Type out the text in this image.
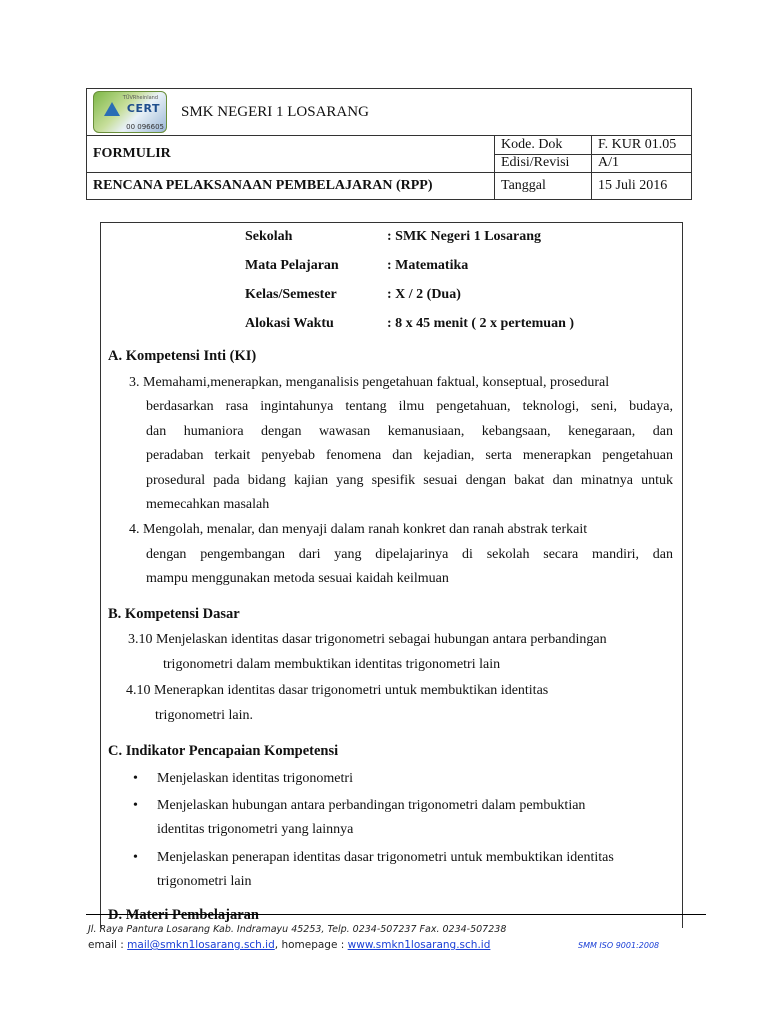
TÜVRheinland
CERT
00 096605
SMK NEGERI 1 LOSARANG		

FORMULIR	Kode. Dok	F. KUR 01.05
	Edisi/Revisi	A/1
RENCANA PELAKSANAAN PEMBELAJARAN (RPP)	Tanggal	15 Juli 2016
Sekolah	: SMK Negeri 1 Losarang
Mata Pelajaran	: Matematika
Kelas/Semester	: X / 2 (Dua)
Alokasi Waktu	: 8 x 45 menit ( 2 x pertemuan )
A. Kompetensi Inti (KI)
3. Memahami,menerapkan, menganalisis pengetahuan faktual, konseptual, prosedural
berdasarkan rasa ingintahunya tentang ilmu pengetahuan, teknologi, seni, budaya,
dan humaniora dengan wawasan kemanusiaan, kebangsaan, kenegaraan, dan
peradaban terkait penyebab fenomena dan kejadian, serta menerapkan pengetahuan
prosedural pada bidang kajian yang spesifik sesuai dengan bakat dan minatnya untuk
memecahkan masalah
4. Mengolah, menalar, dan menyaji dalam ranah konkret dan ranah abstrak terkait
dengan pengembangan dari yang dipelajarinya di sekolah secara mandiri, dan
mampu menggunakan metoda sesuai kaidah keilmuan
B. Kompetensi Dasar
3.10 Menjelaskan identitas dasar trigonometri sebagai hubungan antara perbandingan
trigonometri dalam membuktikan identitas trigonometri lain
4.10 Menerapkan identitas dasar trigonometri untuk membuktikan identitas
trigonometri lain.
C. Indikator Pencapaian Kompetensi
• Menjelaskan identitas trigonometri
• Menjelaskan hubungan antara perbandingan trigonometri dalam pembuktian
identitas trigonometri yang lainnya
• Menjelaskan penerapan identitas dasar trigonometri untuk membuktikan identitas
trigonometri lain
D. Materi Pembelajaran
Jl. Raya Pantura Losarang Kab. Indramayu 45253, Telp. 0234-507237 Fax. 0234-507238
email : mail@smkn1losarang.sch.id, homepage : www.smkn1losarang.sch.id	SMM ISO 9001:2008
